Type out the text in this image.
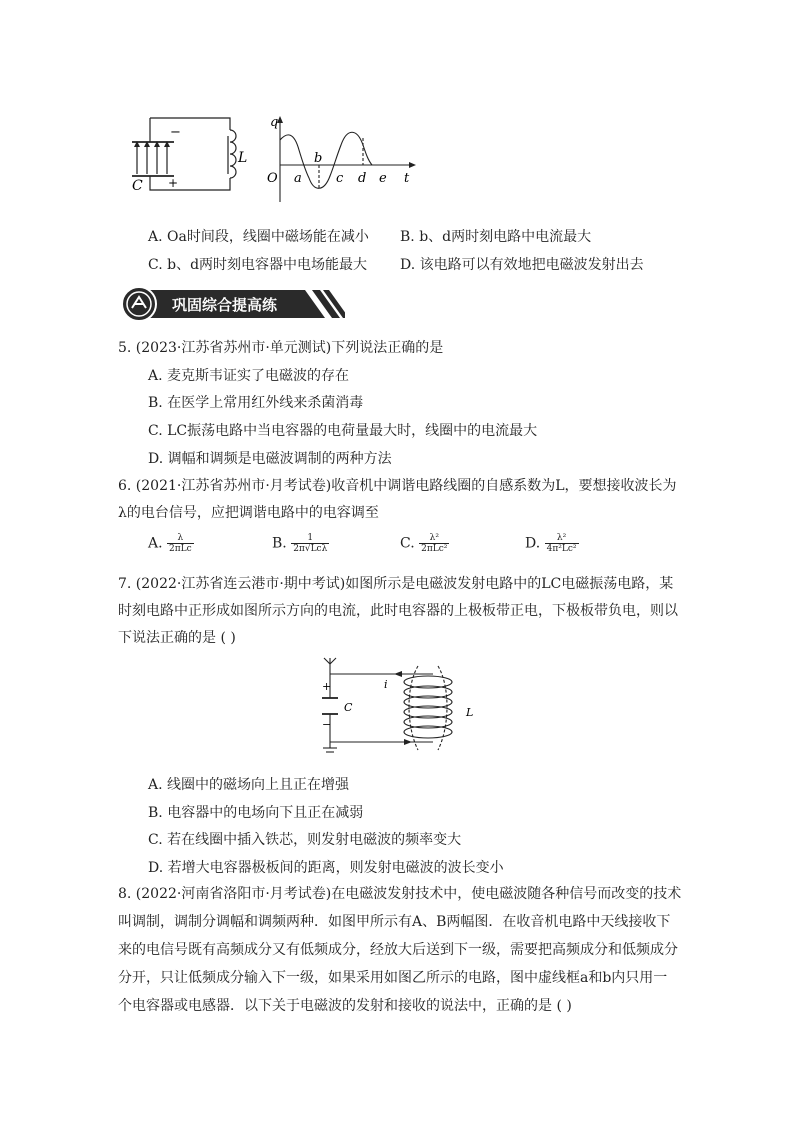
−
+
C
L
q
t
O a
b
c d e
A. Oa时间段，线圈中磁场能在减小 B. b、d两时刻电路中电流最大
C. b、d两时刻电容器中电场能最大 D. 该电路可以有效地把电磁波发射出去
巩固综合提高练
5. (2023·江苏省苏州市·单元测试)下列说法正确的是
A. 麦克斯韦证实了电磁波的存在
B. 在医学上常用红外线来杀菌消毒
C. LC振荡电路中当电容器的电荷量最大时，线圈中的电流最大
D. 调幅和调频是电磁波调制的两种方法
6. (2021·江苏省苏州市·月考试卷)收音机中调谐电路线圈的自感系数为L，要想接收波长为
λ的电台信号，应把调谐电路中的电容调至
A. $\frac{\lambda}{\text{2πLc}}$	B. $\frac{1}{\text{2π√Lcλ}}$	C. $\frac{\text{λ²}}{\text{2πLc²}}$	D. $\frac{\text{λ²}}{\text{4π²Lc²}}$
7. (2022·江苏省连云港市·期中考试)如图所示是电磁波发射电路中的LC电磁振荡电路，某
时刻电路中正形成如图所示方向的电流，此时电容器的上极板带正电，下极板带负电，则以
下说法正确的是 ( )
+
−
C
i
L
A. 线圈中的磁场向上且正在增强
B. 电容器中的电场向下且正在减弱
C. 若在线圈中插入铁芯，则发射电磁波的频率变大
D. 若增大电容器极板间的距离，则发射电磁波的波长变小
8. (2022·河南省洛阳市·月考试卷)在电磁波发射技术中，使电磁波随各种信号而改变的技术
叫调制，调制分调幅和调频两种．如图甲所示有A、B两幅图．在收音机电路中天线接收下
来的电信号既有高频成分又有低频成分，经放大后送到下一级，需要把高频成分和低频成分
分开，只让低频成分输入下一级，如果采用如图乙所示的电路，图中虚线框a和b内只用一
个电容器或电感器．以下关于电磁波的发射和接收的说法中，正确的是 ( )
